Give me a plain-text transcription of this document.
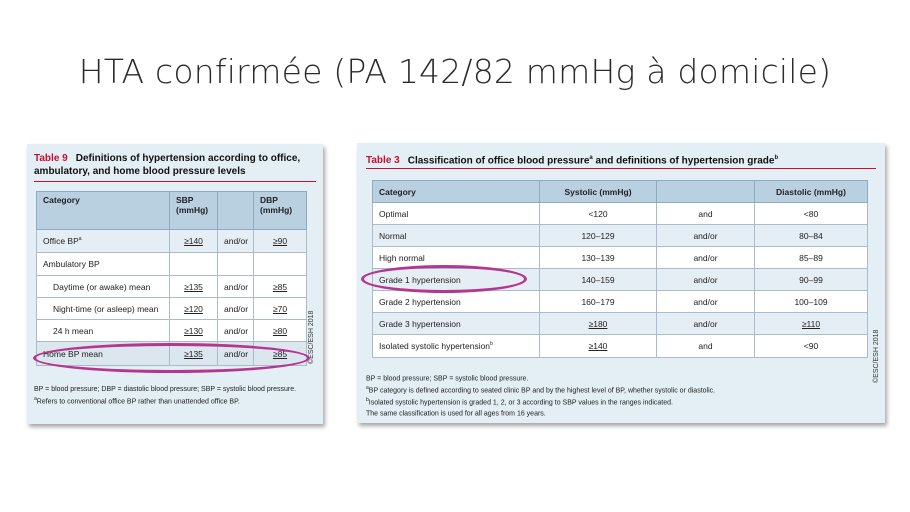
HTA confirmée (PA 142/82 mmHg à domicile)
Table 9 Definitions of hypertension according to office, ambulatory, and home blood pressure levels
Category	SBP (mmHg)		DBP (mmHg)
Office $BP^a$	≥140	and/or	≥90
Ambulatory BP			
Daytime (or awake) mean	≥135	and/or	≥85
Night-time (or asleep) mean	≥120	and/or	≥70
24 h mean	≥130	and/or	≥80
Home BP mean	≥135	and/or	≥85	©ESC/ESH 2018
BP = blood pressure; DBP = diastolic blood pressure; SBP = systolic blood pressure.
$^a$Refers to conventional office BP rather than unattended office BP.
Table 3 Classification of office blood pressure$^a$ and definitions of hypertension grade$^b$
Category	Systolic (mmHg)		Diastolic (mmHg)
Optimal	<120	and	<80
Normal	120–129	and/or	80–84
High normal	130–139	and/or	85–89
Grade 1 hypertension	140–159	and/or	90–99
Grade 2 hypertension	160–179	and/or	100–109
Grade 3 hypertension	≥180	and/or	≥110
Isolated systolic hypertension$^b$	≥140	and	<90	©ESC/ESH 2018
BP = blood pressure; SBP = systolic blood pressure.
$^a$BP category is defined according to seated clinic BP and by the highest level of BP, whether systolic or diastolic.
$^b$Isolated systolic hypertension is graded 1, 2, or 3 according to SBP values in the ranges indicated.
The same classification is used for all ages from 16 years.
